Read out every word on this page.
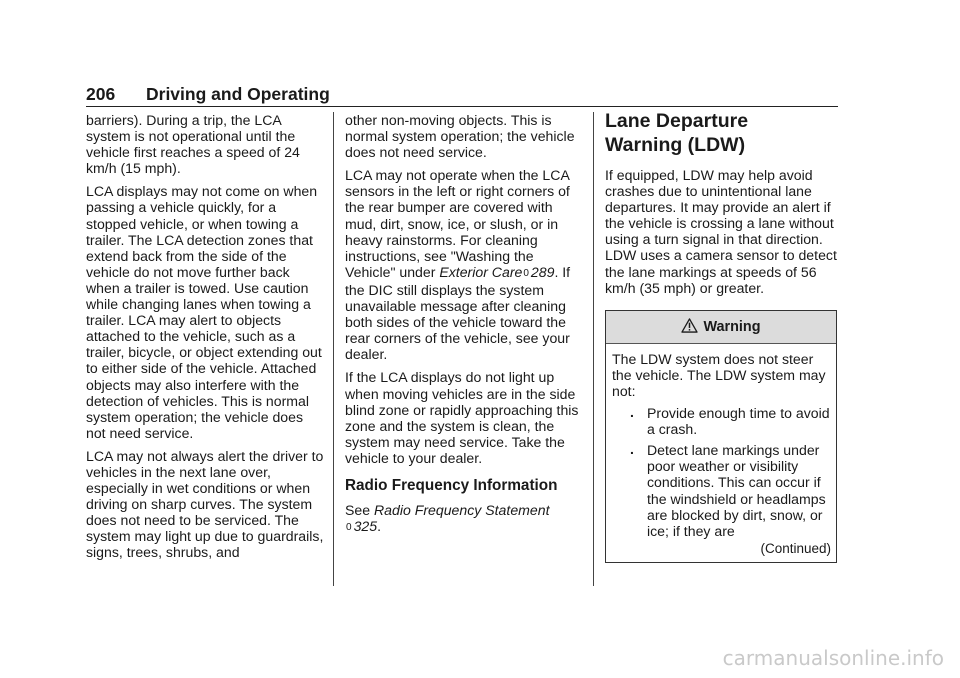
206 Driving and Operating

barriers). During a trip, the LCA system is not operational until the vehicle first reaches a speed of 24 km/h (15 mph).

LCA displays may not come on when passing a vehicle quickly, for a stopped vehicle, or when towing a trailer. The LCA detection zones that extend back from the side of the vehicle do not move further back when a trailer is towed. Use caution while changing lanes when towing a trailer. LCA may alert to objects attached to the vehicle, such as a trailer, bicycle, or object extending out to either side of the vehicle. Attached objects may also interfere with the detection of vehicles. This is normal system operation; the vehicle does not need service.

LCA may not always alert the driver to vehicles in the next lane over, especially in wet conditions or when driving on sharp curves. The system does not need to be serviced. The system may light up due to guardrails, signs, trees, shrubs, and

other non-moving objects. This is normal system operation; the vehicle does not need service.

LCA may not operate when the LCA sensors in the left or right corners of the rear bumper are covered with mud, dirt, snow, ice, or slush, or in heavy rainstorms. For cleaning instructions, see "Washing the Vehicle" under Exterior Care0 289. If the DIC still displays the system unavailable message after cleaning both sides of the vehicle toward the rear corners of the vehicle, see your dealer.

If the LCA displays do not light up when moving vehicles are in the side blind zone or rapidly approaching this zone and the system is clean, the system may need service. Take the vehicle to your dealer.

Radio Frequency Information

See Radio Frequency Statement
0 325.

Lane Departure
Warning (LDW)

If equipped, LDW may help avoid crashes due to unintentional lane departures. It may provide an alert if the vehicle is crossing a lane without using a turn signal in that direction. LDW uses a camera sensor to detect the lane markings at speeds of 56 km/h (35 mph) or greater.

Warning

The LDW system does not steer the vehicle. The LDW system may not:

. Provide enough time to avoid a crash.
. Detect lane markings under poor weather or visibility conditions. This can occur if the windshield or headlamps are blocked by dirt, snow, or ice; if they are
(Continued)
carmanualsonline.info
